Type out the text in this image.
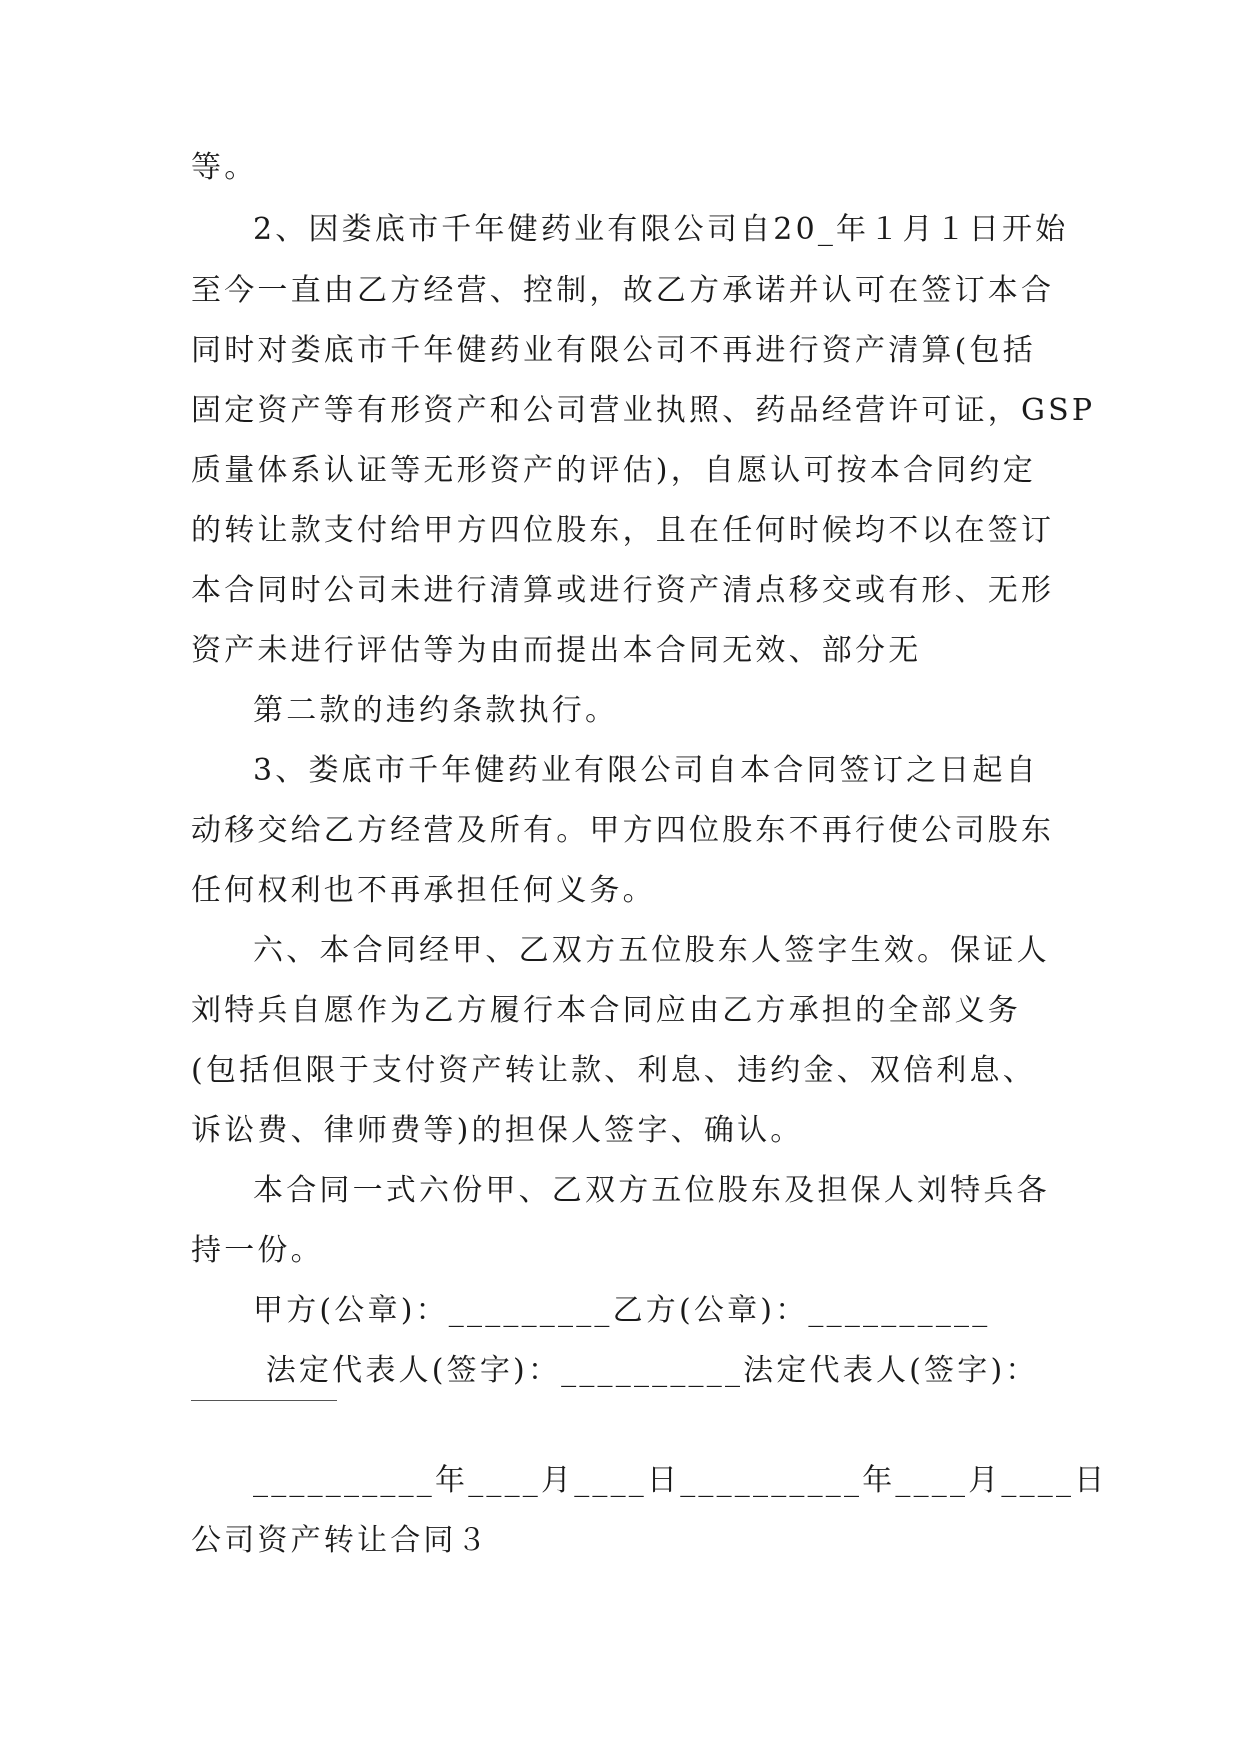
等。
2、因娄底市千年健药业有限公司自20_年１月１日开始
至今一直由乙方经营、控制，故乙方承诺并认可在签订本合
同时对娄底市千年健药业有限公司不再进行资产清算(包括
固定资产等有形资产和公司营业执照、药品经营许可证，GSP
质量体系认证等无形资产的评估)，自愿认可按本合同约定
的转让款支付给甲方四位股东，且在任何时候均不以在签订
本合同时公司未进行清算或进行资产清点移交或有形、无形
资产未进行评估等为由而提出本合同无效、部分无
第二款的违约条款执行。
3、娄底市千年健药业有限公司自本合同签订之日起自
动移交给乙方经营及所有。甲方四位股东不再行使公司股东
任何权利也不再承担任何义务。
六、本合同经甲、乙双方五位股东人签字生效。保证人
刘特兵自愿作为乙方履行本合同应由乙方承担的全部义务
(包括但限于支付资产转让款、利息、违约金、双倍利息、
诉讼费、律师费等)的担保人签字、确认。
本合同一式六份甲、乙双方五位股东及担保人刘特兵各
持一份。
甲方(公章)：_________乙方(公章)：__________
法定代表人(签字)：__________法定代表人(签字)：
__________年____月____日__________年____月____日
公司资产转让合同３
